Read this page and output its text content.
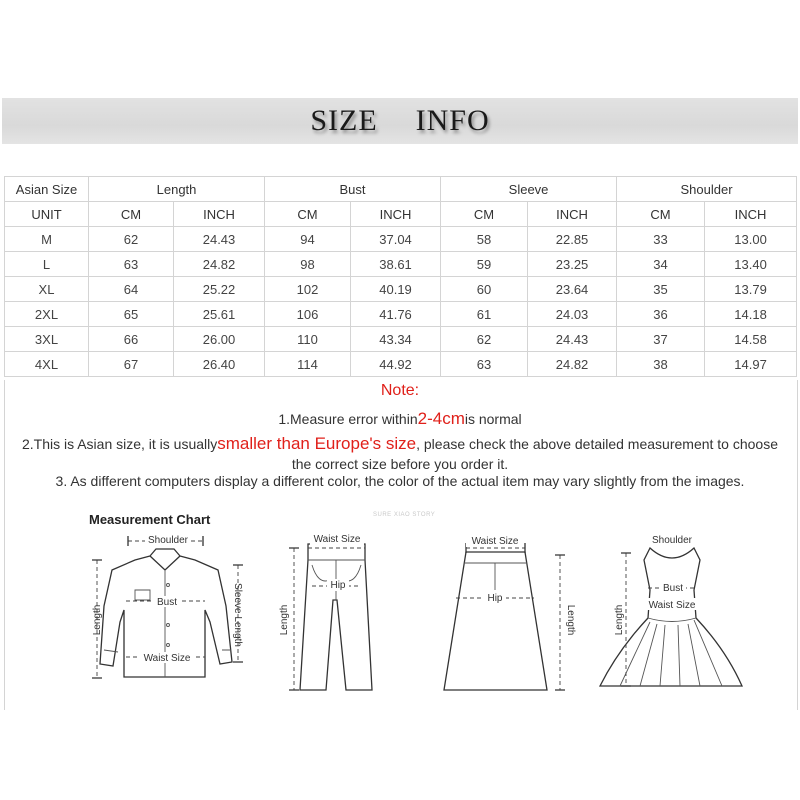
SIZE INFO
Asian Size	Length		Bust		Sleeve		Shoulder	
UNIT	CM	INCH	CM	INCH	CM	INCH	CM	INCH
M	62	24.43	94	37.04	58	22.85	33	13.00
L	63	24.82	98	38.61	59	23.25	34	13.40
XL	64	25.22	102	40.19	60	23.64	35	13.79
2XL	65	25.61	106	41.76	61	24.03	36	14.18
3XL	66	26.00	110	43.34	62	24.43	37	14.58
4XL	67	26.40	114	44.92	63	24.82	38	14.97
Note:
1.Measure error within2-4cmis normal
2.This is Asian size, it is usuallysmaller than Europe's size, please check the above detailed measurement to choose the correct size before you order it.
3. As different computers display a different color, the color of the actual item may vary slightly from the images.
Measurement Chart	SURE XIAO STORY
Shoulder
Bust
Waist Size
Length	Sleeve Length
Waist Size
Hip
Length
Waist Size
Hip
Length
Shoulder
Bust
Waist Size
Length
